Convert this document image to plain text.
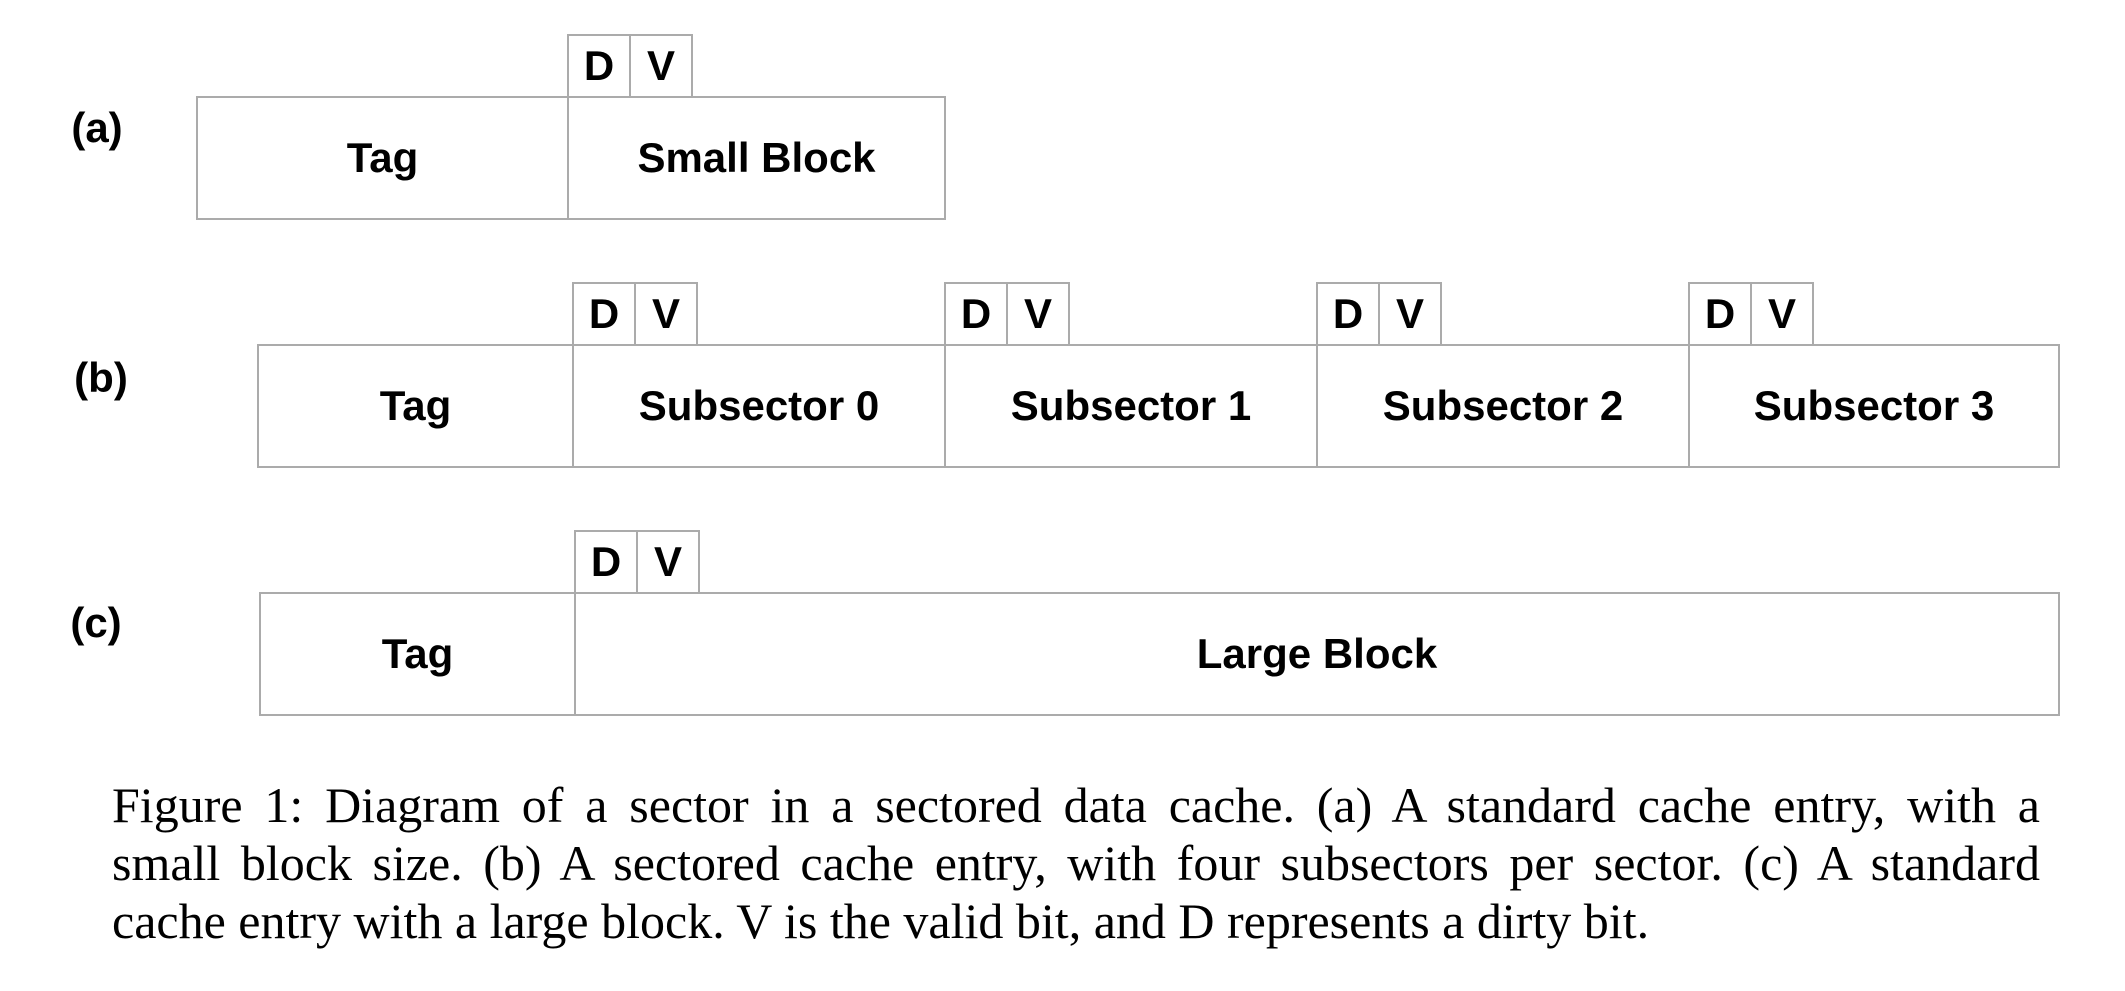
(a)
D V
Tag	Small Block
(b)
D V	D V	D V	D V
Tag	Subsector 0	Subsector 1	Subsector 2	Subsector 3
(c)
D V
Tag	Large Block
Figure 1: Diagram of a sector in a sectored data cache. (a) A standard cache entry, with a
small block size. (b) A sectored cache entry, with four subsectors per sector. (c) A standard
cache entry with a large block. V is the valid bit, and D represents a dirty bit.
